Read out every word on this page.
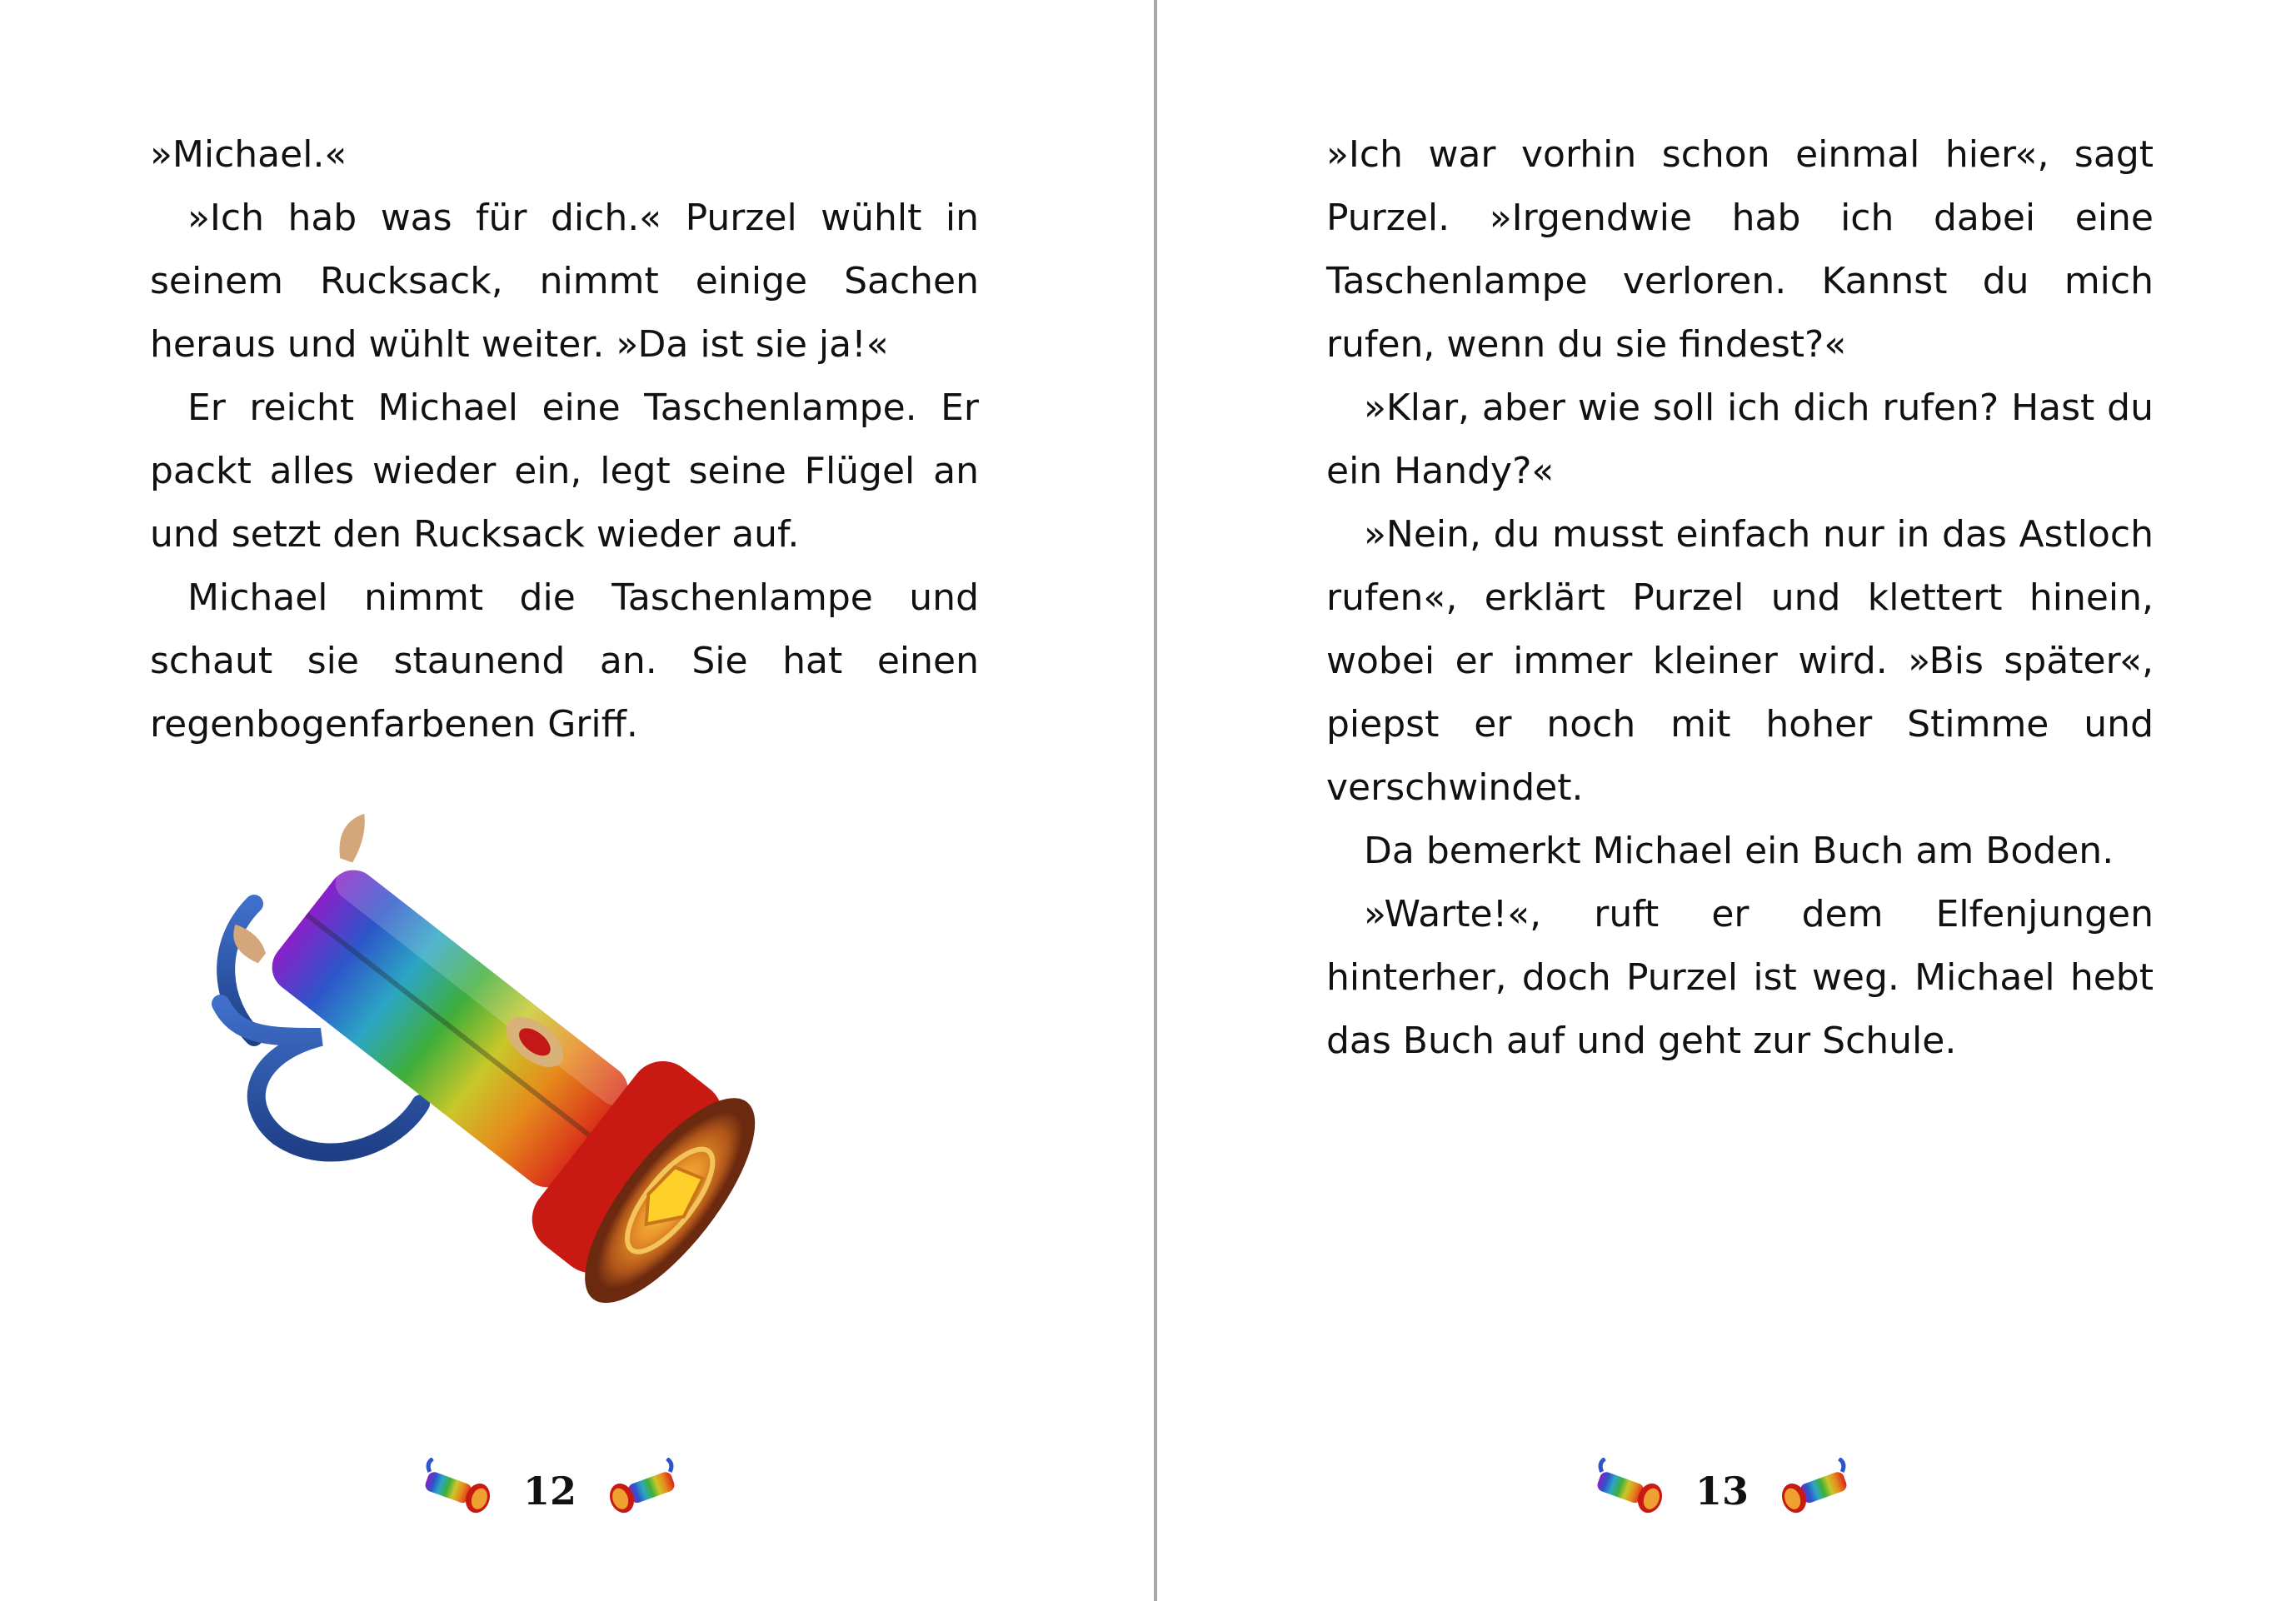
»Michael.«

»Ich hab was für dich.« Purzel wühlt in seinem Rucksack, nimmt einige Sachen heraus und wühlt weiter. »Da ist sie ja!«

Er reicht Michael eine Taschenlampe. Er packt alles wieder ein, legt seine Flügel an und setzt den Rucksack wieder auf.

Michael nimmt die Taschenlampe und schaut sie staunend an. Sie hat einen regenbogenfarbenen Griff.

12

»Ich war vorhin schon einmal hier«, sagt Purzel. »Irgendwie hab ich dabei eine Taschenlampe verloren. Kannst du mich rufen, wenn du sie findest?«

»Klar, aber wie soll ich dich rufen? Hast du ein Handy?«

»Nein, du musst einfach nur in das Astloch rufen«, erklärt Purzel und klettert hinein, wobei er immer kleiner wird. »Bis später«, piepst er noch mit hoher Stimme und verschwindet.

Da bemerkt Michael ein Buch am Boden.

»Warte!«, ruft er dem Elfenjungen hinterher, doch Purzel ist weg. Michael hebt das Buch auf und geht zur Schule.

13
